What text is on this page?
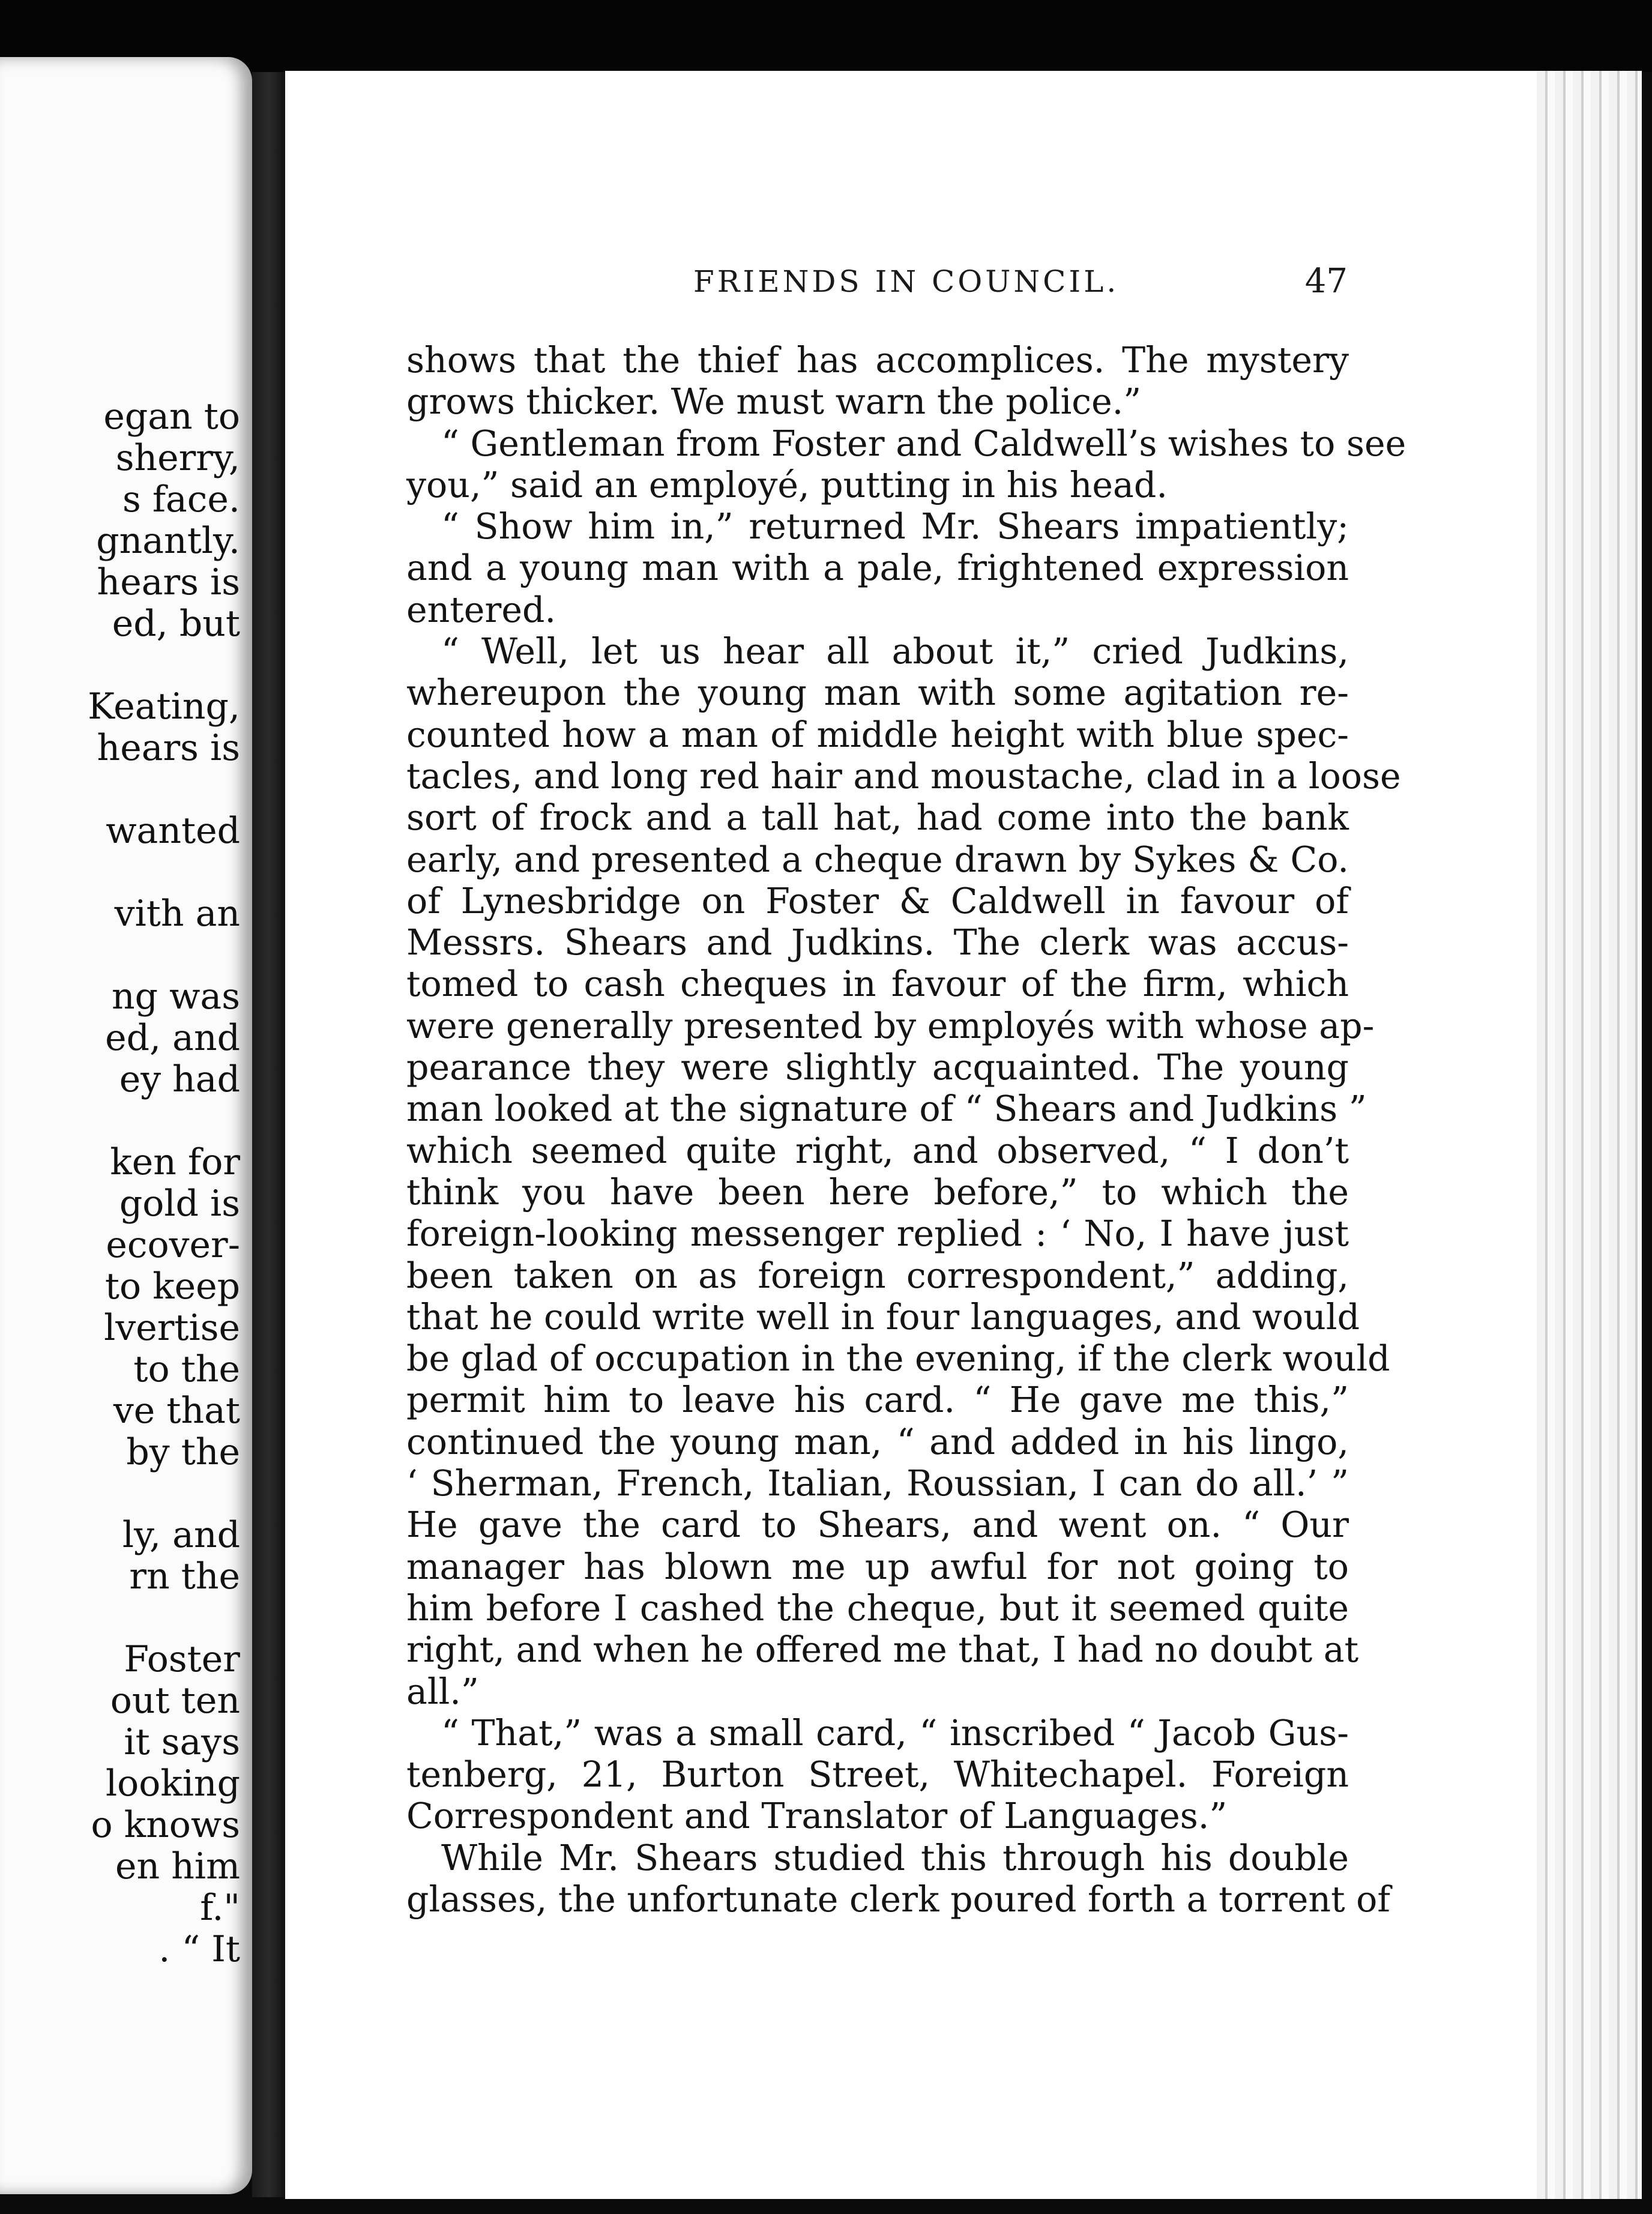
egan to
sherry,
s face.
gnantly.
hears is
ed, but
Keating,
hears is
wanted
vith an
ng was
ed, and
ey had
ken for
gold is
ecover-
to keep
lvertise
to the
ve that
by the
ly, and
rn the
Foster
out ten
it says
looking
o knows
en him
f."
. “ It
FRIENDS IN COUNCIL.	47
shows that the thief has accomplices. The mystery
grows thicker. We must warn the police.”
“ Gentleman from Foster and Caldwell’s wishes to see
you,” said an employé, putting in his head.
“ Show him in,” returned Mr. Shears impatiently;
and a young man with a pale, frightened expression
entered.
“ Well, let us hear all about it,” cried Judkins,
whereupon the young man with some agitation re-
counted how a man of middle height with blue spec-
tacles, and long red hair and moustache, clad in a loose
sort of frock and a tall hat, had come into the bank
early, and presented a cheque drawn by Sykes & Co.
of Lynesbridge on Foster & Caldwell in favour of
Messrs. Shears and Judkins. The clerk was accus-
tomed to cash cheques in favour of the firm, which
were generally presented by employés with whose ap-
pearance they were slightly acquainted. The young
man looked at the signature of “ Shears and Judkins ”
which seemed quite right, and observed, “ I don’t
think you have been here before,” to which the
foreign-looking messenger replied : ‘ No, I have just
been taken on as foreign correspondent,” adding,
that he could write well in four languages, and would
be glad of occupation in the evening, if the clerk would
permit him to leave his card. “ He gave me this,”
continued the young man, “ and added in his lingo,
‘ Sherman, French, Italian, Roussian, I can do all.’ ”
He gave the card to Shears, and went on. “ Our
manager has blown me up awful for not going to
him before I cashed the cheque, but it seemed quite
right, and when he offered me that, I had no doubt at
all.”
“ That,” was a small card, “ inscribed “ Jacob Gus-
tenberg, 21, Burton Street, Whitechapel. Foreign
Correspondent and Translator of Languages.”
While Mr. Shears studied this through his double
glasses, the unfortunate clerk poured forth a torrent of
